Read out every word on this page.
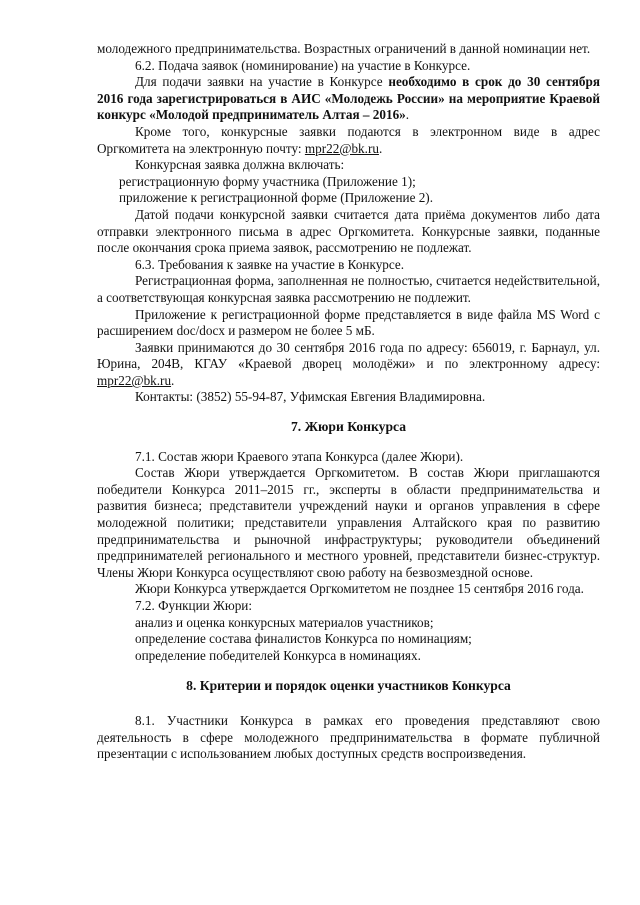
молодежного предпринимательства. Возрастных ограничений в данной номинации нет.

6.2. Подача заявок (номинирование) на участие в Конкурсе.

Для подачи заявки на участие в Конкурсе необходимо в срок до 30 сентября 2016 года зарегистрироваться в АИС «Молодежь России» на мероприятие Краевой конкурс «Молодой предприниматель Алтая – 2016».

Кроме того, конкурсные заявки подаются в электронном виде в адрес Оргкомитета на электронную почту: mpr22@bk.ru.

Конкурсная заявка должна включать:

регистрационную форму участника (Приложение 1);

приложение к регистрационной форме (Приложение 2).

Датой подачи конкурсной заявки считается дата приёма документов либо дата отправки электронного письма в адрес Оргкомитета. Конкурсные заявки, поданные после окончания срока приема заявок, рассмотрению не подлежат.

6.3. Требования к заявке на участие в Конкурсе.

Регистрационная форма, заполненная не полностью, считается недействительной, а соответствующая конкурсная заявка рассмотрению не подлежит.

Приложение к регистрационной форме представляется в виде файла MS Word с расширением doc/docx и размером не более 5 мБ.

Заявки принимаются до 30 сентября 2016 года по адресу: 656019, г. Барнаул, ул. Юрина, 204В, КГАУ «Краевой дворец молодёжи» и по электронному адресу: mpr22@bk.ru.

Контакты: (3852) 55-94-87, Уфимская Евгения Владимировна.

7. Жюри Конкурса

7.1. Состав жюри Краевого этапа Конкурса (далее Жюри).

Состав Жюри утверждается Оргкомитетом. В состав Жюри приглашаются победители Конкурса 2011–2015 гг., эксперты в области предпринимательства и развития бизнеса; представители учреждений науки и органов управления в сфере молодежной политики; представители управления Алтайского края по развитию предпринимательства и рыночной инфраструктуры; руководители объединений предпринимателей регионального и местного уровней, представители бизнес-структур. Члены Жюри Конкурса осуществляют свою работу на безвозмездной основе.

Жюри Конкурса утверждается Оргкомитетом не позднее 15 сентября 2016 года.

7.2. Функции Жюри:

анализ и оценка конкурсных материалов участников;

определение состава финалистов Конкурса по номинациям;

определение победителей Конкурса в номинациях.

8. Критерии и порядок оценки участников Конкурса

8.1. Участники Конкурса в рамках его проведения представляют свою деятельность в сфере молодежного предпринимательства в формате публичной презентации с использованием любых доступных средств воспроизведения.
